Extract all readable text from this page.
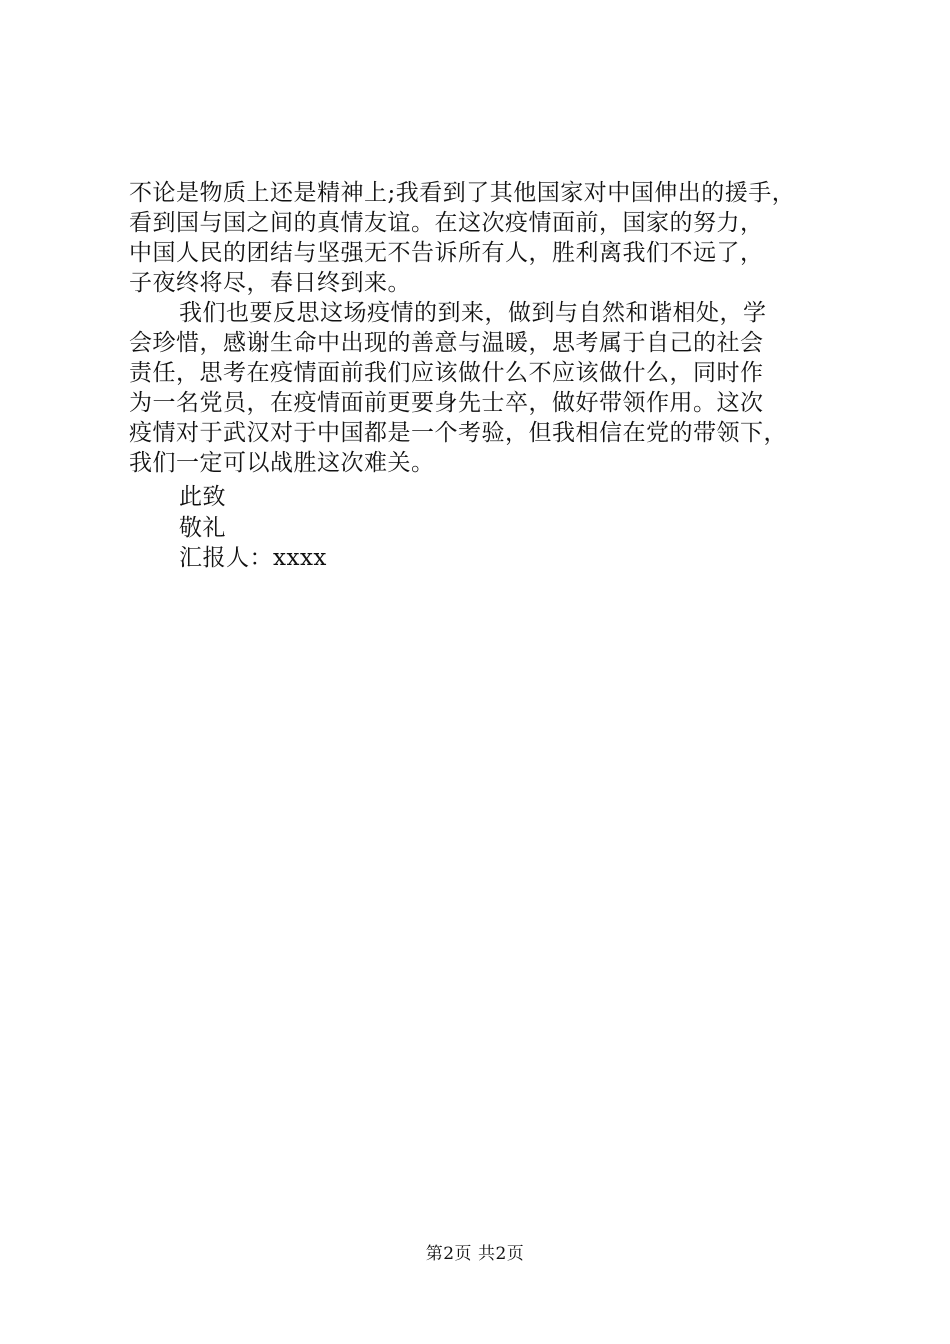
不论是物质上还是精神上;我看到了其他国家对中国伸出的援手，
看到国与国之间的真情友谊。在这次疫情面前，国家的努力，
中国人民的团结与坚强无不告诉所有人，胜利离我们不远了，
子夜终将尽，春日终到来。
我们也要反思这场疫情的到来，做到与自然和谐相处，学
会珍惜，感谢生命中出现的善意与温暖，思考属于自己的社会
责任，思考在疫情面前我们应该做什么不应该做什么，同时作
为一名党员，在疫情面前更要身先士卒，做好带领作用。这次
疫情对于武汉对于中国都是一个考验，但我相信在党的带领下，
我们一定可以战胜这次难关。
此致
敬礼
汇报人：xxxx
第2页 共2页
